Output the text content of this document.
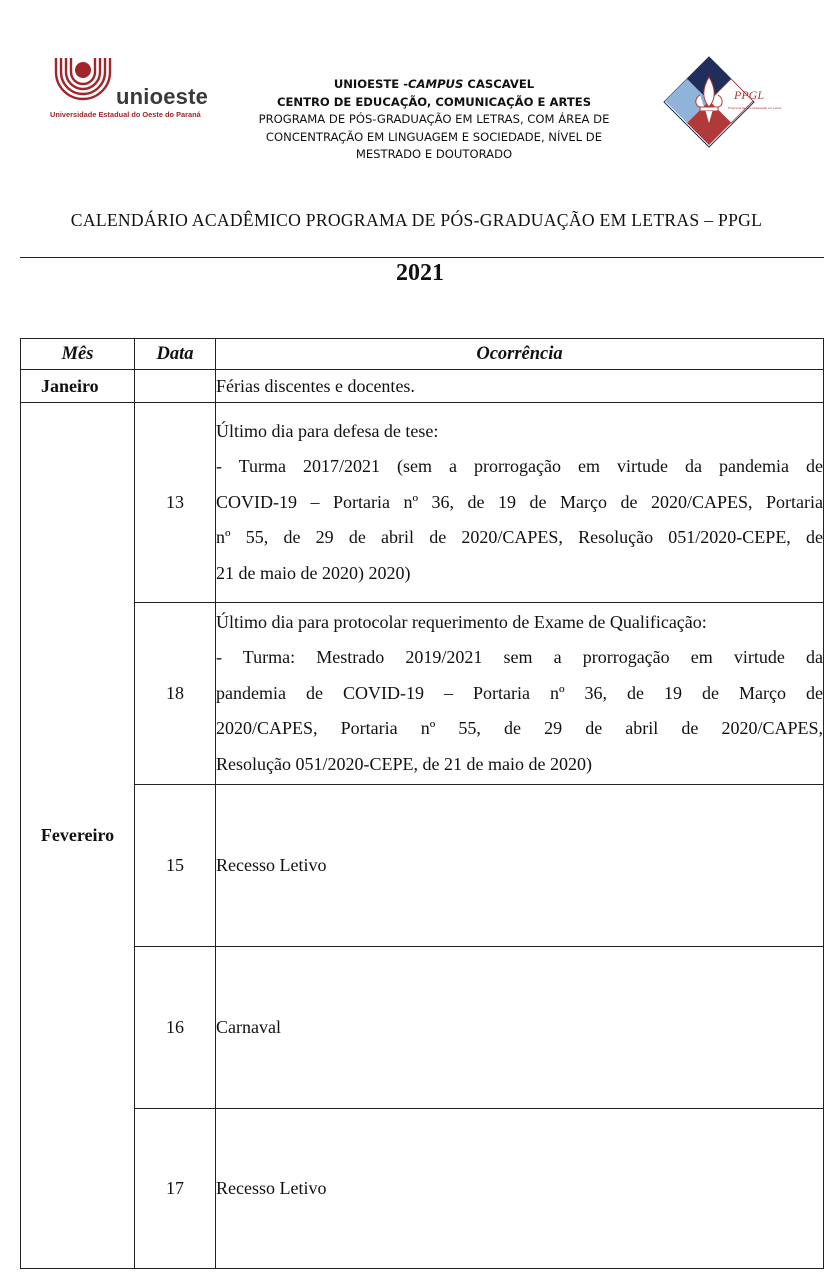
unioeste
Universidade Estadual do Oeste do Paraná
UNIOESTE -CAMPUS CASCAVEL
CENTRO DE EDUCAÇÃO, COMUNICAÇÃO E ARTES
PROGRAMA DE PÓS-GRADUAÇÃO EM LETRAS, COM ÁREA DE
CONCENTRAÇÃO EM LINGUAGEM E SOCIEDADE, NÍVEL DE
MESTRADO E DOUTORADO
PPGL
Programa de Pós-Graduação em Letras
CALENDÁRIO ACADÊMICO PROGRAMA DE PÓS-GRADUAÇÃO EM LETRAS – PPGL
2021
Mês	Data	Ocorrência
Janeiro		Férias discentes e docentes.
Fevereiro	13	Último dia para defesa de tese:
- Turma 2017/2021 (sem a prorrogação em virtude da pandemia de
COVID-19 – Portaria nº 36, de 19 de Março de 2020/CAPES, Portaria
nº 55, de 29 de abril de 2020/CAPES, Resolução 051/2020-CEPE, de
21 de maio de 2020) 2020)

	18	Último dia para protocolar requerimento de Exame de Qualificação:
- Turma: Mestrado 2019/2021 sem a prorrogação em virtude da
pandemia de COVID-19 – Portaria nº 36, de 19 de Março de
2020/CAPES, Portaria nº 55, de 29 de abril de 2020/CAPES,
Resolução 051/2020-CEPE, de 21 de maio de 2020)

	15	Recesso Letivo
	16	Carnaval
	17	Recesso Letivo
